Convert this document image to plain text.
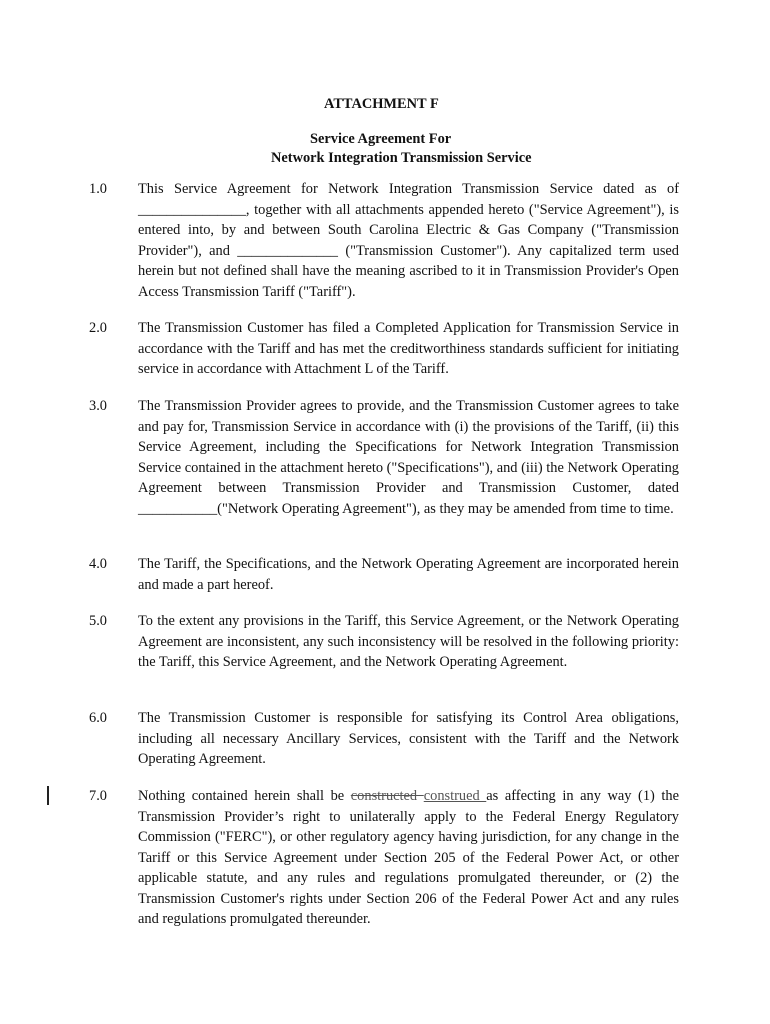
ATTACHMENT F
Service Agreement For
Network Integration Transmission Service
1.0 This Service Agreement for Network Integration Transmission Service dated as of _______________, together with all attachments appended hereto ("Service Agreement"), is entered into, by and between South Carolina Electric & Gas Company ("Transmission Provider"), and ______________ ("Transmission Customer"). Any capitalized term used herein but not defined shall have the meaning ascribed to it in Transmission Provider's Open Access Transmission Tariff ("Tariff").
2.0 The Transmission Customer has filed a Completed Application for Transmission Service in accordance with the Tariff and has met the creditworthiness standards sufficient for initiating service in accordance with Attachment L of the Tariff.
3.0 The Transmission Provider agrees to provide, and the Transmission Customer agrees to take and pay for, Transmission Service in accordance with (i) the provisions of the Tariff, (ii) this Service Agreement, including the Specifications for Network Integration Transmission Service contained in the attachment hereto ("Specifications"), and (iii) the Network Operating Agreement between Transmission Provider and Transmission Customer, dated ___________("Network Operating Agreement"), as they may be amended from time to time.
4.0 The Tariff, the Specifications, and the Network Operating Agreement are incorporated herein and made a part hereof.
5.0 To the extent any provisions in the Tariff, this Service Agreement, or the Network Operating Agreement are inconsistent, any such inconsistency will be resolved in the following priority: the Tariff, this Service Agreement, and the Network Operating Agreement.
6.0 The Transmission Customer is responsible for satisfying its Control Area obligations, including all necessary Ancillary Services, consistent with the Tariff and the Network Operating Agreement.
7.0 Nothing contained herein shall be constructed construed as affecting in any way (1) the Transmission Provider’s right to unilaterally apply to the Federal Energy Regulatory Commission ("FERC"), or other regulatory agency having jurisdiction, for any change in the Tariff or this Service Agreement under Section 205 of the Federal Power Act, or other applicable statute, and any rules and regulations promulgated thereunder, or (2) the Transmission Customer's rights under Section 206 of the Federal Power Act and any rules and regulations promulgated thereunder.
